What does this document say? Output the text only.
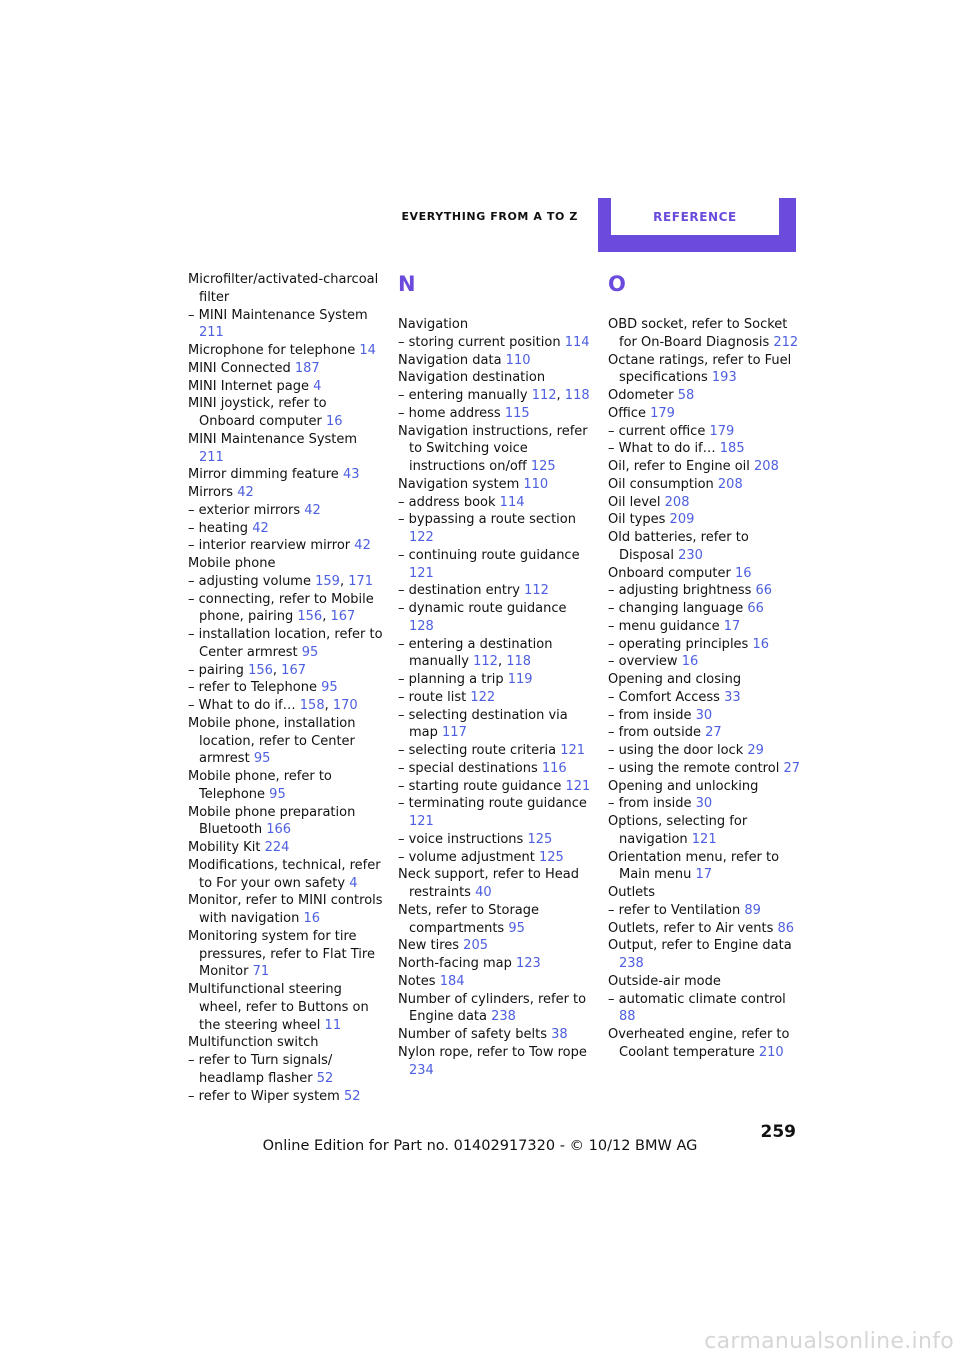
EVERYTHING FROM A TO Z	REFERENCE
Microfilter/activated-charcoal filter
– MINI Maintenance System 211
Microphone for telephone 14
MINI Connected 187
MINI Internet page 4
MINI joystick, refer to Onboard computer 16
MINI Maintenance System 211
Mirror dimming feature 43
Mirrors 42
– exterior mirrors 42
– heating 42
– interior rearview mirror 42
Mobile phone
– adjusting volume 159, 171
– connecting, refer to Mobile phone, pairing 156, 167
– installation location, refer to Center armrest 95
– pairing 156, 167
– refer to Telephone 95
– What to do if… 158, 170
Mobile phone, installation location, refer to Center armrest 95
Mobile phone, refer to Telephone 95
Mobile phone preparation Bluetooth 166
Mobility Kit 224
Modifications, technical, refer to For your own safety 4
Monitor, refer to MINI controls with navigation 16
Monitoring system for tire pressures, refer to Flat Tire Monitor 71
Multifunctional steering wheel, refer to Buttons on the steering wheel 11
Multifunction switch
– refer to Turn signals/ headlamp flasher 52
– refer to Wiper system 52
N
Navigation
– storing current position 114
Navigation data 110
Navigation destination
– entering manually 112, 118
– home address 115
Navigation instructions, refer to Switching voice instructions on/off 125
Navigation system 110
– address book 114
– bypassing a route section 122
– continuing route guidance 121
– destination entry 112
– dynamic route guidance 128
– entering a destination manually 112, 118
– planning a trip 119
– route list 122
– selecting destination via map 117
– selecting route criteria 121
– special destinations 116
– starting route guidance 121
– terminating route guidance 121
– voice instructions 125
– volume adjustment 125
Neck support, refer to Head restraints 40
Nets, refer to Storage compartments 95
New tires 205
North-facing map 123
Notes 184
Number of cylinders, refer to Engine data 238
Number of safety belts 38
Nylon rope, refer to Tow rope 234
O
OBD socket, refer to Socket for On-Board Diagnosis 212
Octane ratings, refer to Fuel specifications 193
Odometer 58
Office 179
– current office 179
– What to do if… 185
Oil, refer to Engine oil 208
Oil consumption 208
Oil level 208
Oil types 209
Old batteries, refer to Disposal 230
Onboard computer 16
– adjusting brightness 66
– changing language 66
– menu guidance 17
– operating principles 16
– overview 16
Opening and closing
– Comfort Access 33
– from inside 30
– from outside 27
– using the door lock 29
– using the remote control 27
Opening and unlocking
– from inside 30
Options, selecting for navigation 121
Orientation menu, refer to Main menu 17
Outlets
– refer to Ventilation 89
Outlets, refer to Air vents 86
Output, refer to Engine data 238
Outside-air mode
– automatic climate control 88
Overheated engine, refer to Coolant temperature 210
259
Online Edition for Part no. 01402917320 - © 10/12 BMW AG
carmanualsonline.info
